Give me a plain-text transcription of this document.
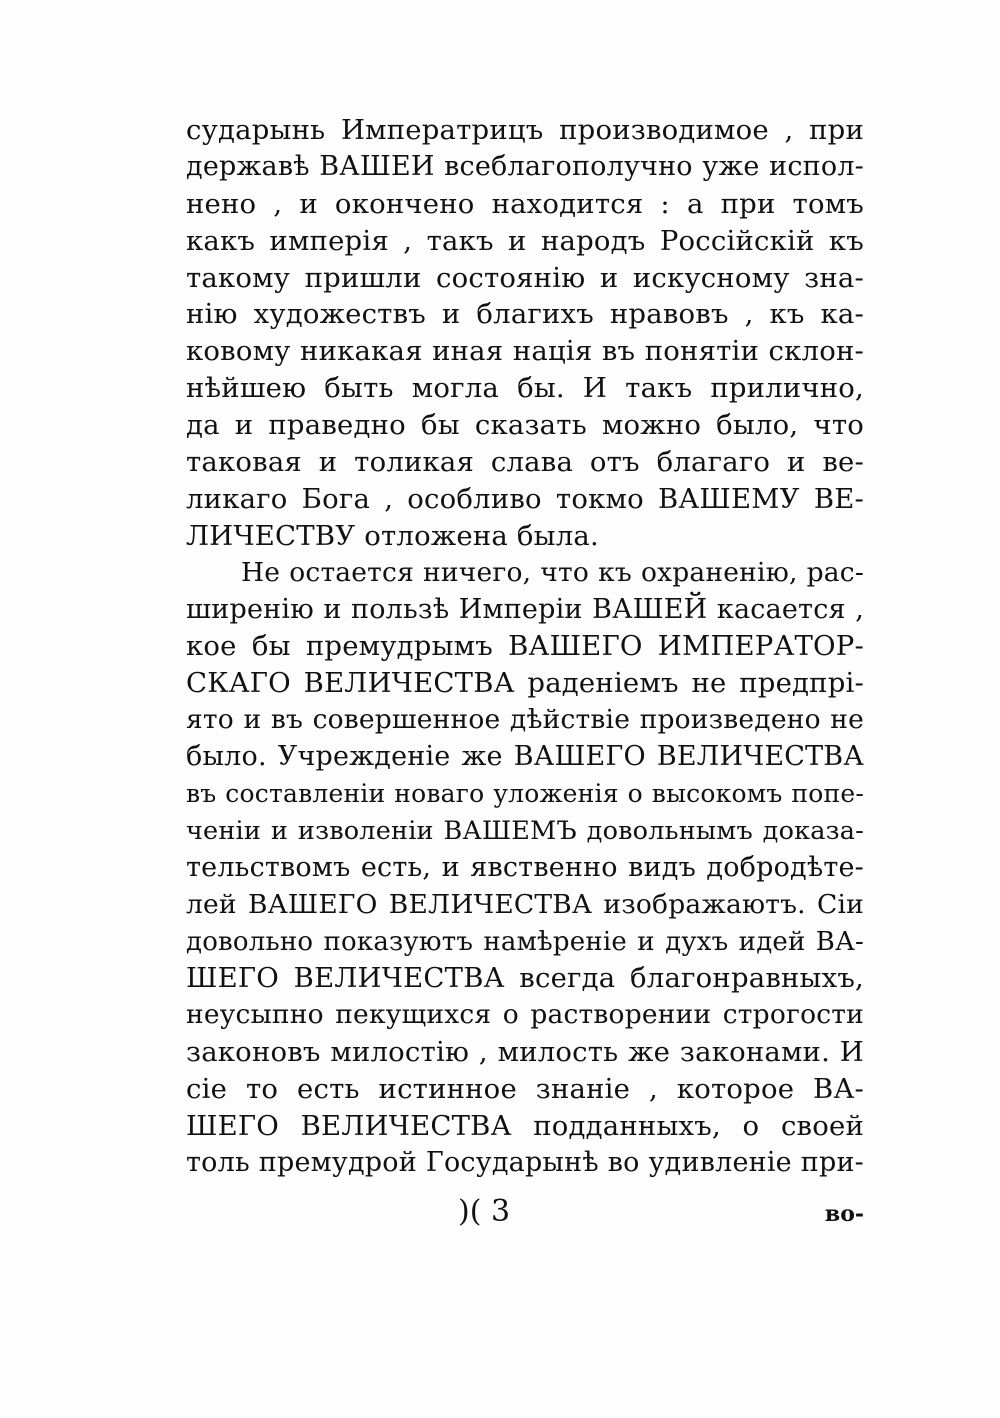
сударынь Императрицъ производимое , при
державѣ ВАШЕИ всеблагополучно уже испол-
нено , и окончено находится : а при томъ
какъ имперія , такъ и народъ Россійскій къ
такому пришли состоянію и искусному зна-
нію художествъ и благихъ нравовъ , къ ка-
ковому никакая иная нація въ понятіи склон-
нѣйшею быть могла бы. И такъ прилично,
да и праведно бы сказать можно было, что
таковая и толикая слава отъ благаго и ве-
ликаго Бога , особливо токмо ВАШЕМУ ВЕ-
ЛИЧЕСТВУ отложена была.
Не остается ничего, что къ охраненію, рас-
ширенію и пользѣ Имперіи ВАШЕЙ касается ,
кое бы премудрымъ ВАШЕГО ИМПЕРАТОР-
СКАГО ВЕЛИЧЕСТВА раденіемъ не предпрі-
ято и въ совершенное дѣйствіе произведено не
было. Учрежденіе же ВАШЕГО ВЕЛИЧЕСТВА
въ составленіи новаго уложенія о высокомъ попе-
ченіи и изволеніи ВАШЕМЪ довольнымъ доказа-
тельствомъ есть, и явственно видъ добродѣте-
лей ВАШЕГО ВЕЛИЧЕСТВА изображаютъ. Сіи
довольно показуютъ намѣреніе и духъ идей ВА-
ШЕГО ВЕЛИЧЕСТВА всегда благонравныхъ,
неусыпно пекущихся о растворении строгости
законовъ милостію , милость же законами. И
сіе то есть истинное знаніе , которое ВА-
ШЕГО ВЕЛИЧЕСТВА подданныхъ, о своей
толь премудрой Государынѣ во удивленіе при-
)( 3	во-
